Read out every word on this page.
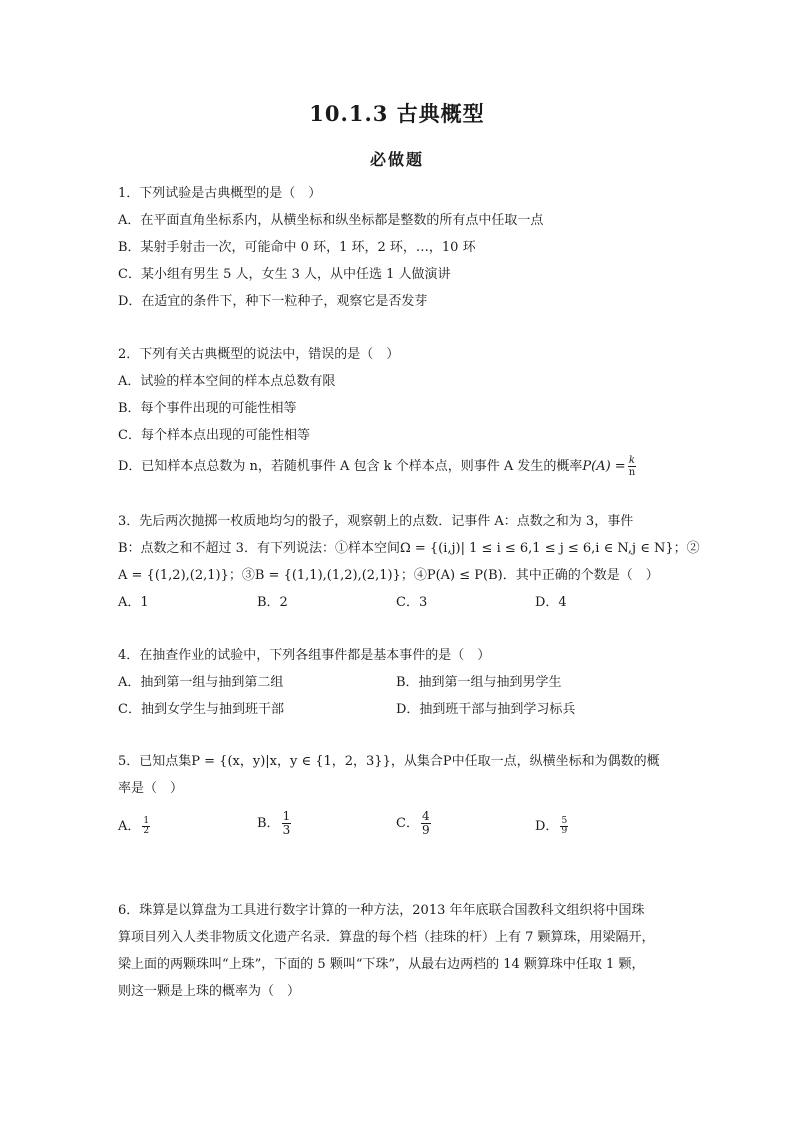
10.1.3 古典概型
必做题
1．下列试验是古典概型的是（　）
A．在平面直角坐标系内，从横坐标和纵坐标都是整数的所有点中任取一点
B．某射手射击一次，可能命中 0 环，1 环，2 环，…，10 环
C．某小组有男生 5 人，女生 3 人，从中任选 1 人做演讲
D．在适宜的条件下，种下一粒种子，观察它是否发芽
2．下列有关古典概型的说法中，错误的是（　）
A．试验的样本空间的样本点总数有限
B．每个事件出现的可能性相等
C．每个样本点出现的可能性相等
D．已知样本点总数为 n，若随机事件 A 包含 k 个样本点，则事件 A 发生的概率$P(A) = \frac{k}{n}$
3．先后两次抛掷一枚质地均匀的骰子，观察朝上的点数．记事件 A：点数之和为 3，事件
B：点数之和不超过 3．有下列说法：①样本空间Ω = {(i,j)| 1 ≤ i ≤ 6,1 ≤ j ≤ 6,i ∈ N,j ∈ N}；②
A = {(1,2),(2,1)}；③B = {(1,1),(1,2),(2,1)}；④P(A) ≤ P(B)．其中正确的个数是（　）
A．1	B．2	C．3	D．4
4．在抽查作业的试验中，下列各组事件都是基本事件的是（　）
A．抽到第一组与抽到第二组	B．抽到第一组与抽到男学生
C．抽到女学生与抽到班干部	D．抽到班干部与抽到学习标兵
5．已知点集P = {(x，y)|x，y ∈ {1，2，3}}，从集合P中任取一点，纵横坐标和为偶数的概
率是（　）
A． $\frac{1}{2}$	B． $\frac{1}{3}$	C． $\frac{4}{9}$	D． $\frac{5}{9}$
6．珠算是以算盘为工具进行数字计算的一种方法，2013 年年底联合国教科文组织将中国珠
算项目列入人类非物质文化遗产名录．算盘的每个档（挂珠的杆）上有 7 颗算珠，用梁隔开，
梁上面的两颗珠叫“上珠”，下面的 5 颗叫“下珠”，从最右边两档的 14 颗算珠中任取 1 颗，
则这一颗是上珠的概率为（　）
